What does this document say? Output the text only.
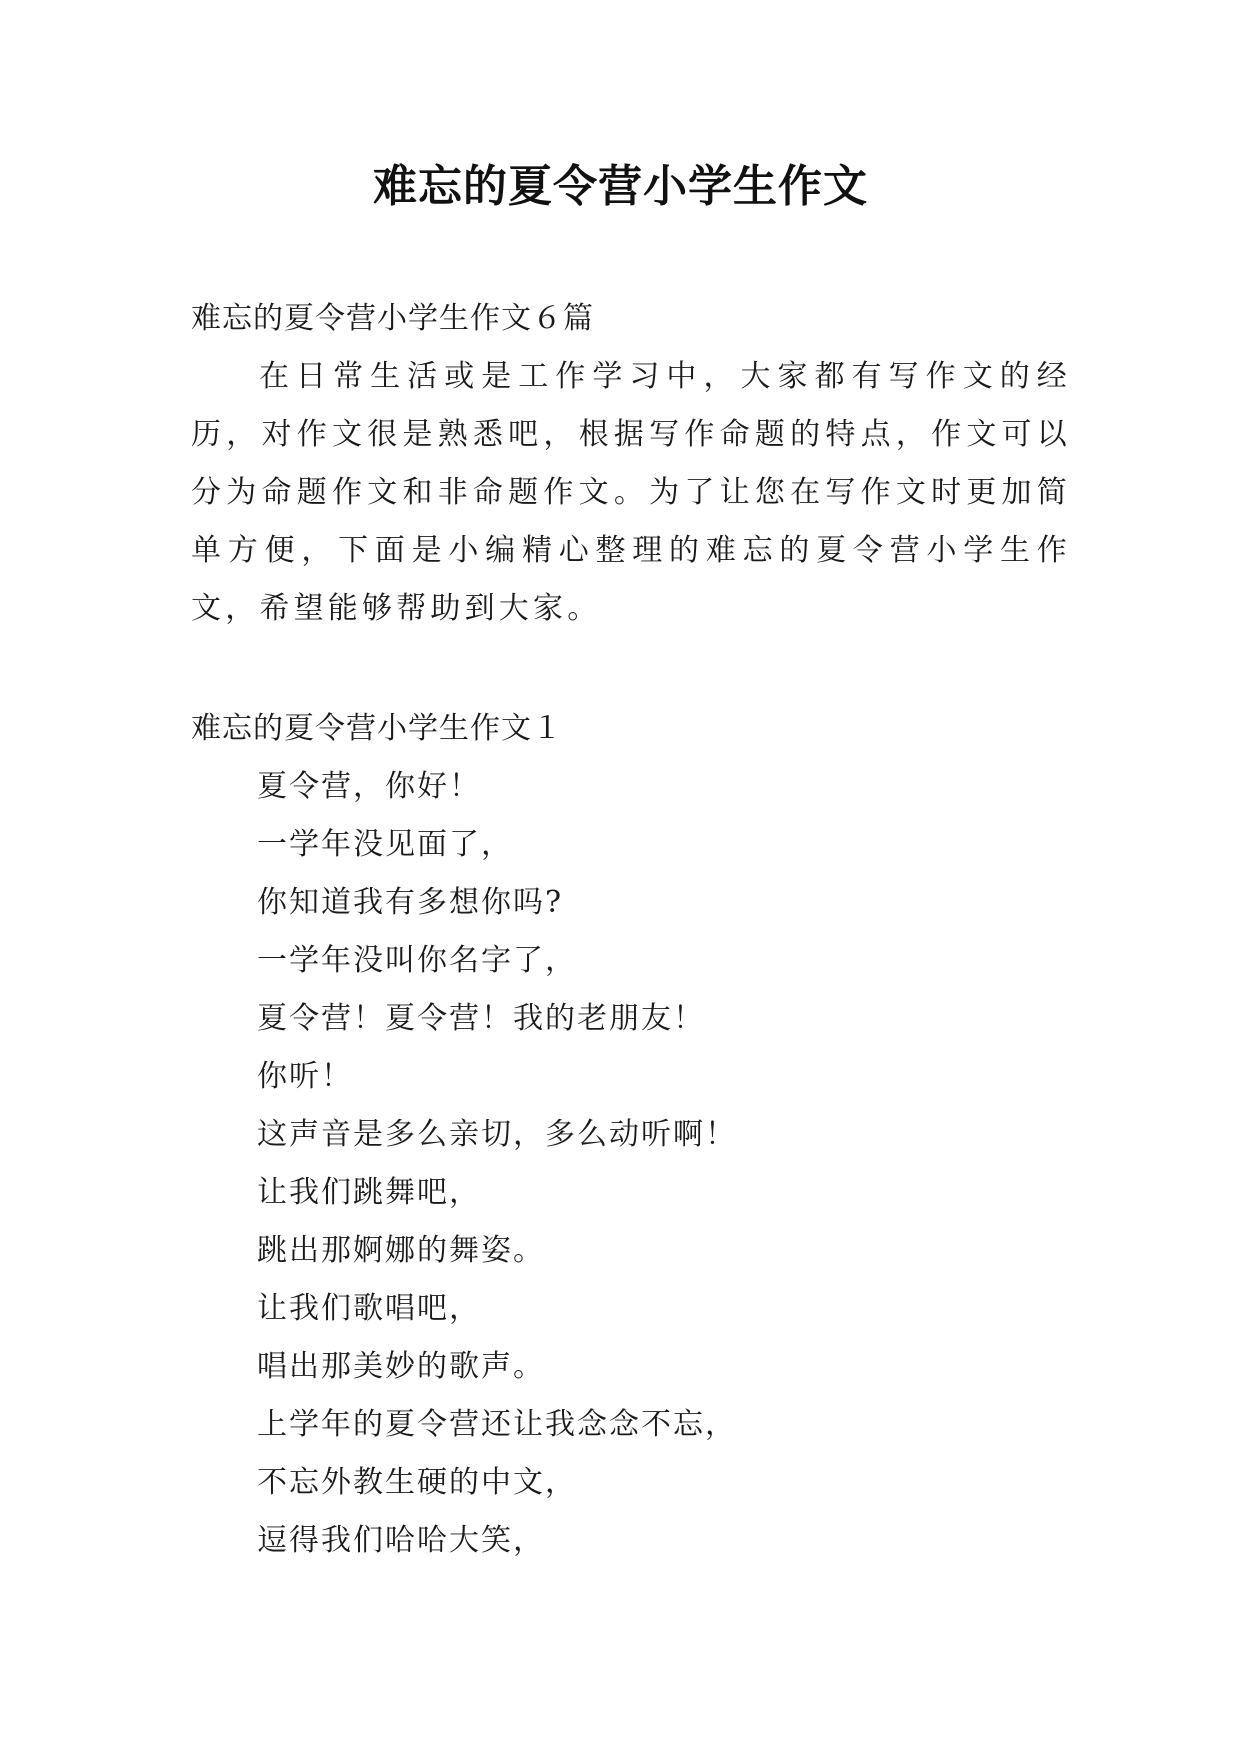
难忘的夏令营小学生作文
难忘的夏令营小学生作文６篇

在日常生活或是工作学习中，大家都有写作文的经历，对作文很是熟悉吧，根据写作命题的特点，作文可以分为命题作文和非命题作文。为了让您在写作文时更加简单方便，下面是小编精心整理的难忘的夏令营小学生作文，希望能够帮助到大家。

难忘的夏令营小学生作文１
夏令营，你好！
一学年没见面了，
你知道我有多想你吗?
一学年没叫你名字了，
夏令营！夏令营！我的老朋友！
你听！
这声音是多么亲切，多么动听啊！
让我们跳舞吧，
跳出那婀娜的舞姿。
让我们歌唱吧，
唱出那美妙的歌声。
上学年的夏令营还让我念念不忘，
不忘外教生硬的中文，
逗得我们哈哈大笑，
